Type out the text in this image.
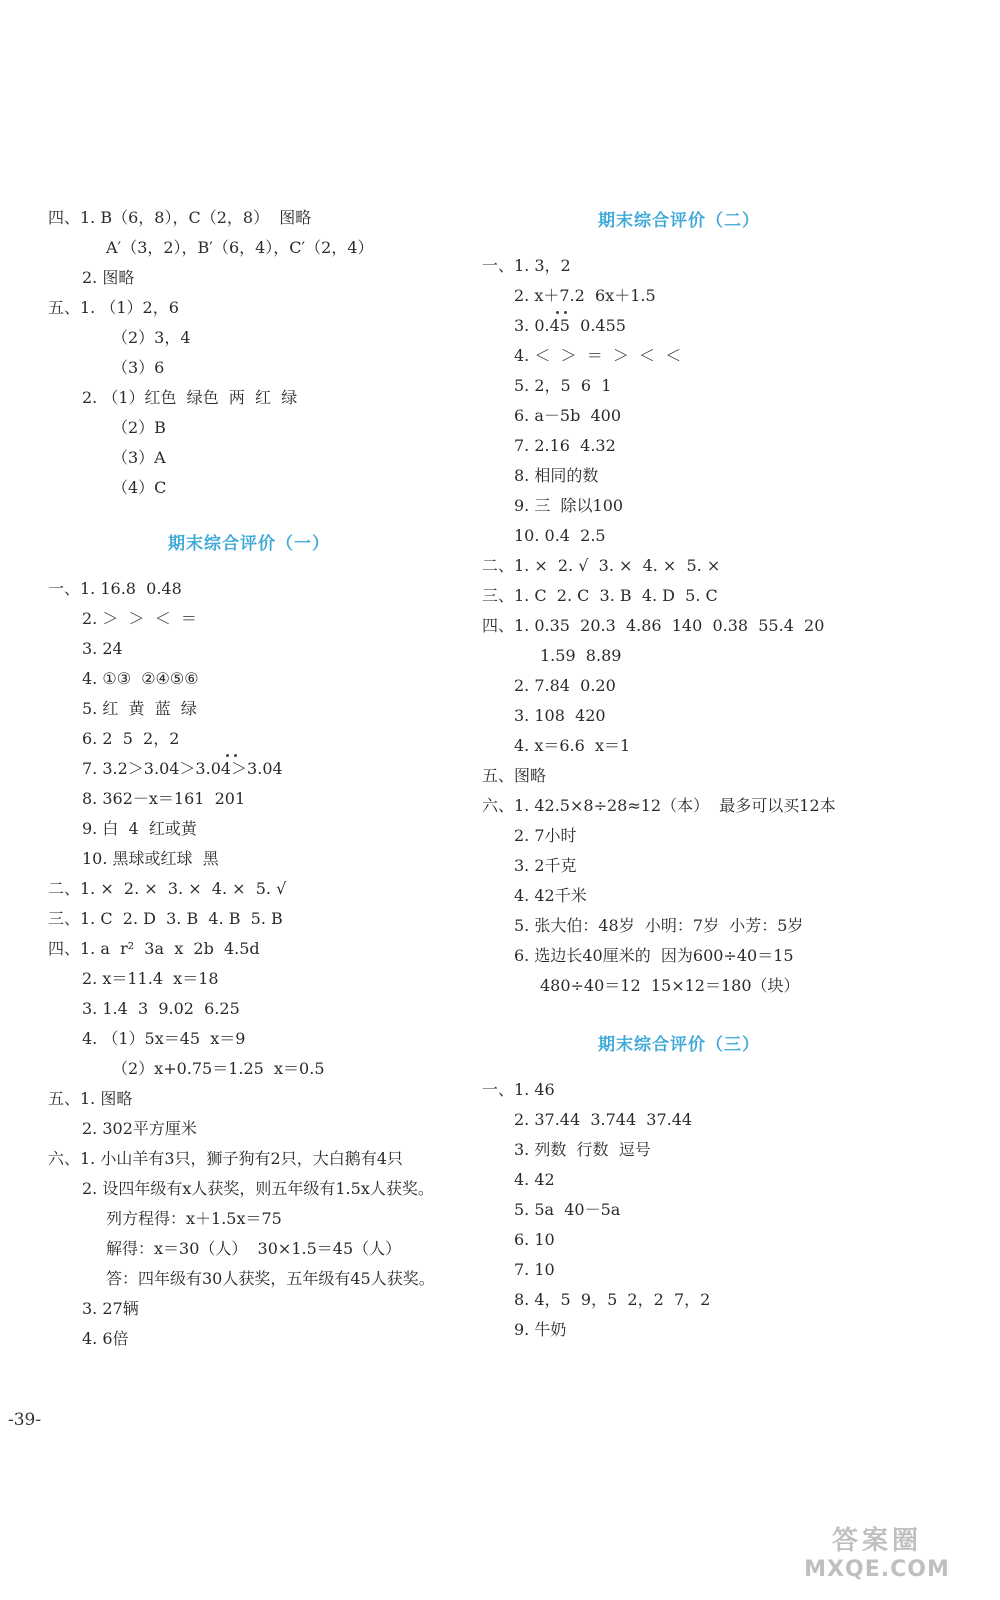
四、1. B（6，8），C（2，8）  图略
A′（3，2），B′（6，4），C′（2，4）
2. 图略
五、1. （1）2，6
（2）3，4
（3）6
2. （1）红色  绿色  两  红  绿
（2）B
（3）A
（4）C
期末综合评价（一）
一、1. 16.8  0.48
2. ＞  ＞  ＜  ＝
3. 24
4. ①③  ②④⑤⑥
5. 红  黄  蓝  绿
6. 2  5  2，2
7. 3.2＞3.04＞3.04＞3.04
8. 362－x＝161  201
9. 白  4  红或黄
10. 黑球或红球  黑
二、1. ×  2. ×  3. ×  4. ×  5. √
三、1. C  2. D  3. B  4. B  5. B
四、1. a  r²  3a  x  2b  4.5d
2. x＝11.4  x＝18
3. 1.4  3  9.02  6.25
4. （1）5x＝45  x＝9
（2）x+0.75＝1.25  x＝0.5
五、1. 图略
2. 302平方厘米
六、1. 小山羊有3只，狮子狗有2只，大白鹅有4只
2. 设四年级有x人获奖，则五年级有1.5x人获奖。
列方程得：x＋1.5x＝75
解得：x＝30（人）  30×1.5＝45（人）
答：四年级有30人获奖，五年级有45人获奖。
3. 27辆
4. 6倍
期末综合评价（二）
一、1. 3，2
2. x＋7.2  6x＋1.5
3. 0.45  0.455
4. ＜  ＞  ＝  ＞  ＜  ＜
5. 2，5  6  1
6. a－5b  400
7. 2.16  4.32
8. 相同的数
9. 三  除以100
10. 0.4  2.5
二、1. ×  2. √  3. ×  4. ×  5. ×
三、1. C  2. C  3. B  4. D  5. C
四、1. 0.35  20.3  4.86  140  0.38  55.4  20
1.59  8.89
2. 7.84  0.20
3. 108  420
4. x＝6.6  x＝1
五、图略
六、1. 42.5×8÷28≈12（本）  最多可以买12本
2. 7小时
3. 2千克
4. 42千米
5. 张大伯：48岁  小明：7岁  小芳：5岁
6. 选边长40厘米的  因为600÷40＝15
480÷40＝12  15×12＝180（块）
期末综合评价（三）
一、1. 46
2. 37.44  3.744  37.44
3. 列数  行数  逗号
4. 42
5. 5a  40－5a
6. 10
7. 10
8. 4，5  9，5  2，2  7，2
9. 牛奶
-39-
答案圈
MXQE.COM
